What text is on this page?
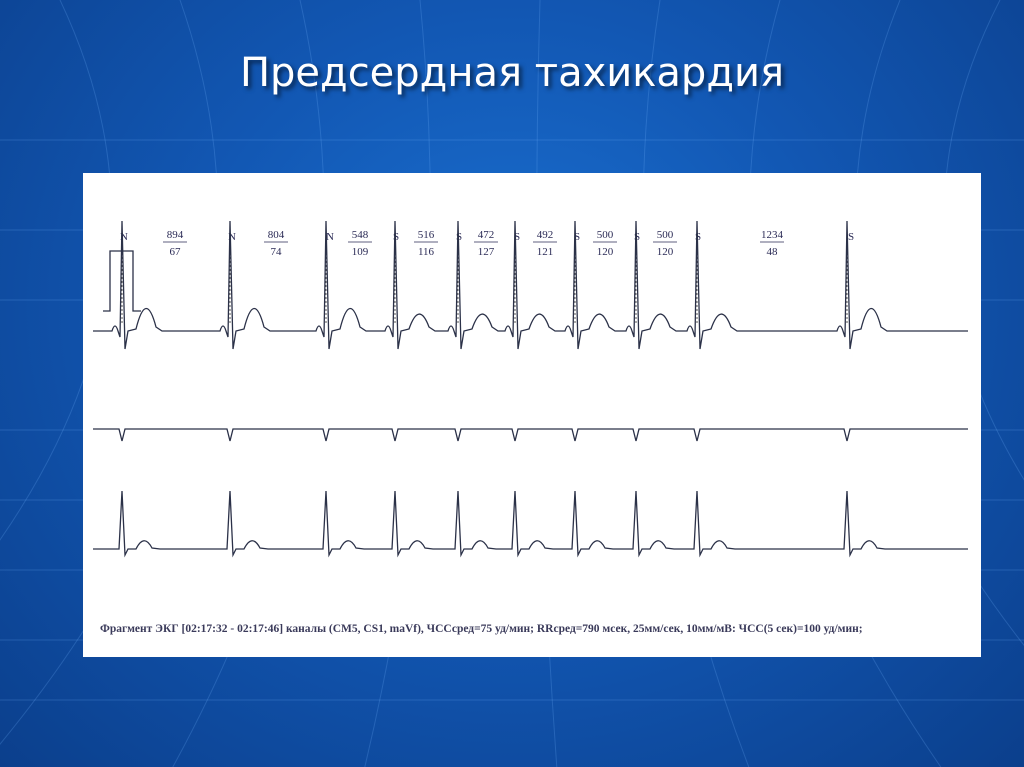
Предсердная тахикардия
N	N	N	S	S	S	S	S	S	S
894
67
804
74
548
109
516
116
472
127
492
121
500
120
500
120
1234
48
Фрагмент ЭКГ [02:17:32 - 02:17:46] каналы (CM5, CS1, maVf), ЧССсред=75 уд/мин; RRсред=790 мсек, 25мм/сек, 10мм/мВ: ЧСС(5 сек)=100 уд/мин;
